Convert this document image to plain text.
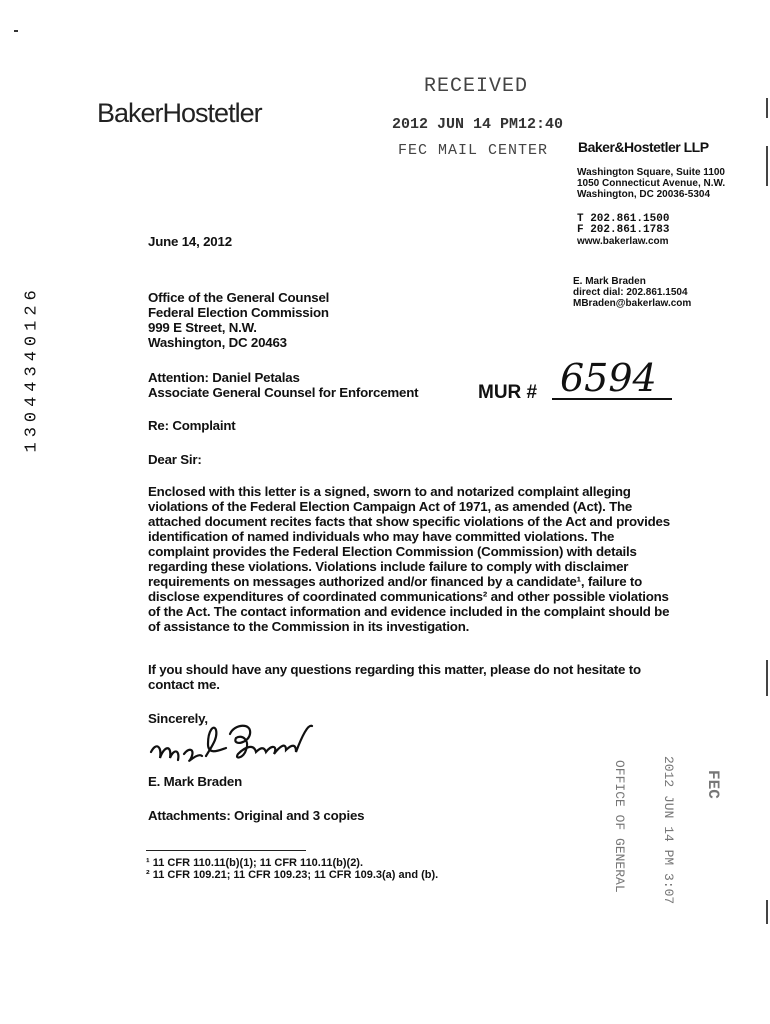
BakerHostetler
RECEIVED
2012 JUN 14 PM12:40
FEC MAIL CENTER Baker&Hostetler LLP
Washington Square, Suite 1100
1050 Connecticut Avenue, N.W.
Washington, DC 20036-5304
T 202.861.1500
F 202.861.1783
www.bakerlaw.com
E. Mark Braden
direct dial: 202.861.1504
MBraden@bakerlaw.com
13044340126	MUR # 6594
June 14, 2012
Office of the General Counsel
Federal Election Commission
999 E Street, N.W.
Washington, DC 20463
Attention: Daniel Petalas
Associate General Counsel for Enforcement
Re: Complaint
Dear Sir:
Enclosed with this letter is a signed, sworn to and notarized complaint alleging violations of the Federal Election Campaign Act of 1971, as amended (Act). The attached document recites facts that show specific violations of the Act and provides identification of named individuals who may have committed violations. The complaint provides the Federal Election Commission (Commission) with details regarding these violations. Violations include failure to comply with disclaimer requirements on messages authorized and/or financed by a candidate¹, failure to disclose expenditures of coordinated communications² and other possible violations of the Act. The contact information and evidence included in the complaint should be of assistance to the Commission in its investigation.
If you should have any questions regarding this matter, please do not hesitate to contact me.
Sincerely,
E. Mark Braden
Attachments: Original and 3 copies
¹ 11 CFR 110.11(b)(1); 11 CFR 110.11(b)(2).
² 11 CFR 109.21; 11 CFR 109.23; 11 CFR 109.3(a) and (b).	OFFICE OF GENERAL	2012 JUN 14 PM 3:07 FEC
